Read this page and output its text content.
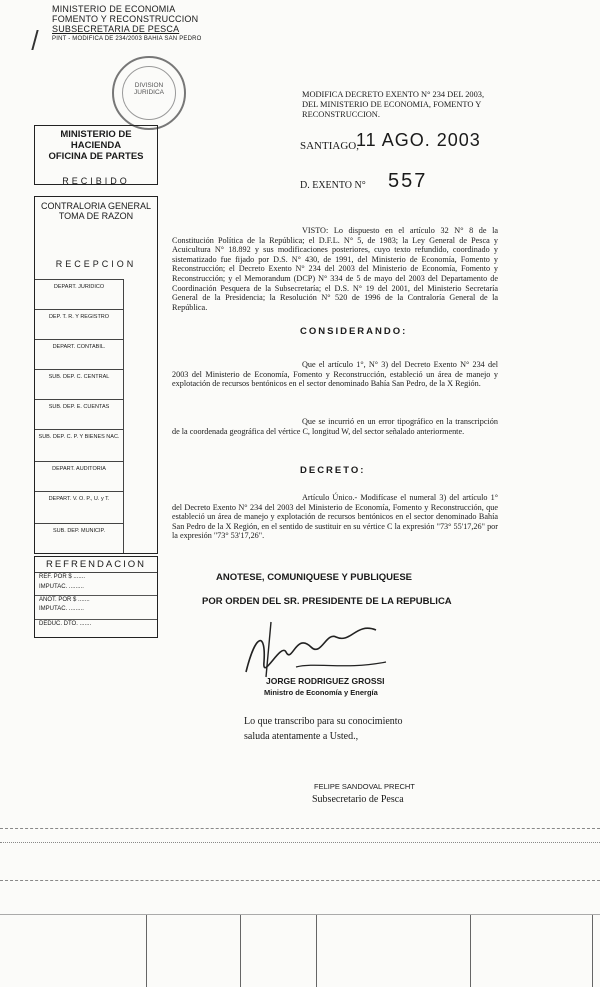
MINISTERIO DE ECONOMIA
FOMENTO Y RECONSTRUCCION
SUBSECRETARIA DE PESCA
PINT - MODIFICA DE 234/2003 BAHIA SAN PEDRO
DIVISION JURIDICA	MODIFICA DECRETO EXENTO N° 234 DEL 2003,
DEL MINISTERIO DE ECONOMIA, FOMENTO Y
RECONSTRUCCION.
SANTIAGO,
11 AGO. 2003
D. EXENTO N° 557
MINISTERIO DE HACIENDA
OFICINA DE PARTES
RECIBIDO
CONTRALORIA GENERAL
TOMA DE RAZON
RECEPCION
DEPART. JURIDICO
DEP. T. R. Y REGISTRO
DEPART. CONTABIL.
SUB. DEP. C. CENTRAL
SUB. DEP. E. CUENTAS
SUB. DEP. C. P. Y BIENES NAC.
DEPART. AUDITORIA
DEPART. V. O. P., U. y T.
SUB. DEP. MUNICIP.
REFRENDACION
REF. POR $ .......
IMPUTAC. .........
ANOT. POR $ .......
IMPUTAC. .........
DEDUC. DTO. .......
VISTO: Lo dispuesto en el artículo 32 N° 8 de la Constitución Política de la República; el D.F.L. N° 5, de 1983; la Ley General de Pesca y Acuicultura N° 18.892 y sus modificaciones posteriores, cuyo texto refundido, coordinado y sistematizado fue fijado por D.S. N° 430, de 1991, del Ministerio de Economía, Fomento y Reconstrucción; el Decreto Exento N° 234 del 2003 del Ministerio de Economía, Fomento y Reconstrucción; y el Memorandum (DCP) N° 334 de 5 de mayo del 2003 del Departamento de Coordinación Pesquera de la Subsecretaría; el D.S. N° 19 del 2001, del Ministerio Secretaría General de la Presidencia; la Resolución N° 520 de 1996 de la Contraloría General de la República.
CONSIDERANDO:
Que el artículo 1°, N° 3) del Decreto Exento N° 234 del 2003 del Ministerio de Economía, Fomento y Reconstrucción, estableció un área de manejo y explotación de recursos bentónicos en el sector denominado Bahía San Pedro, de la X Región.
Que se incurrió en un error tipográfico en la transcripción de la coordenada geográfica del vértice C, longitud W, del sector señalado anteriormente.
DECRETO:
Artículo Único.- Modifícase el numeral 3) del artículo 1° del Decreto Exento N° 234 del 2003 del Ministerio de Economía, Fomento y Reconstrucción, que estableció un área de manejo y explotación de recursos bentónicos en el sector denominado Bahía San Pedro de la X Región, en el sentido de sustituir en su vértice C la expresión "73° 55'17,26" por la expresión "73° 53'17,26".
ANOTESE, COMUNIQUESE Y PUBLIQUESE
POR ORDEN DEL SR. PRESIDENTE DE LA REPUBLICA
JORGE RODRIGUEZ GROSSI
Ministro de Economía y Energía
Lo que transcribo para su conocimiento
saluda atentamente a Usted.,
FELIPE SANDOVAL PRECHT
Subsecretario de Pesca
